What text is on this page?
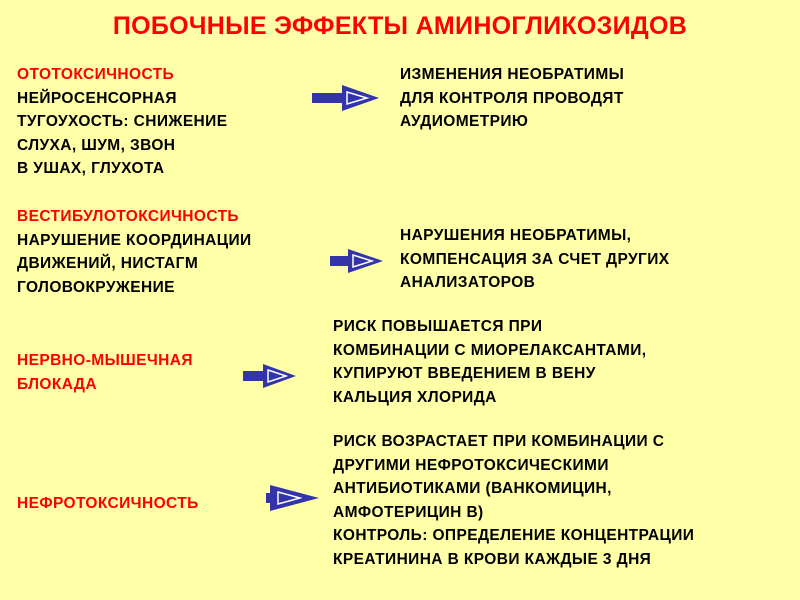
ПОБОЧНЫЕ ЭФФЕКТЫ АМИНОГЛИКОЗИДОВ
ОТОТОКСИЧНОСТЬ
НЕЙРОСЕНСОРНАЯ
ТУГОУХОСТЬ: СНИЖЕНИЕ
СЛУХА, ШУМ, ЗВОН
В УШАХ, ГЛУХОТА
ИЗМЕНЕНИЯ НЕОБРАТИМЫ
ДЛЯ КОНТРОЛЯ ПРОВОДЯТ
АУДИОМЕТРИЮ
ВЕСТИБУЛОТОКСИЧНОСТЬ
НАРУШЕНИЕ КООРДИНАЦИИ
ДВИЖЕНИЙ, НИСТАГМ
ГОЛОВОКРУЖЕНИЕ
НАРУШЕНИЯ НЕОБРАТИМЫ,
КОМПЕНСАЦИЯ ЗА СЧЕТ ДРУГИХ
АНАЛИЗАТОРОВ
НЕРВНО-МЫШЕЧНАЯ
БЛОКАДА
РИСК ПОВЫШАЕТСЯ ПРИ
КОМБИНАЦИИ С МИОРЕЛАКСАНТАМИ,
КУПИРУЮТ ВВЕДЕНИЕМ В ВЕНУ
КАЛЬЦИЯ ХЛОРИДА
НЕФРОТОКСИЧНОСТЬ
РИСК ВОЗРАСТАЕТ ПРИ КОМБИНАЦИИ С
ДРУГИМИ НЕФРОТОКСИЧЕСКИМИ
АНТИБИОТИКАМИ (ВАНКОМИЦИН,
АМФОТЕРИЦИН В)
КОНТРОЛЬ: ОПРЕДЕЛЕНИЕ КОНЦЕНТРАЦИИ
КРЕАТИНИНА В КРОВИ КАЖДЫЕ 3 ДНЯ
